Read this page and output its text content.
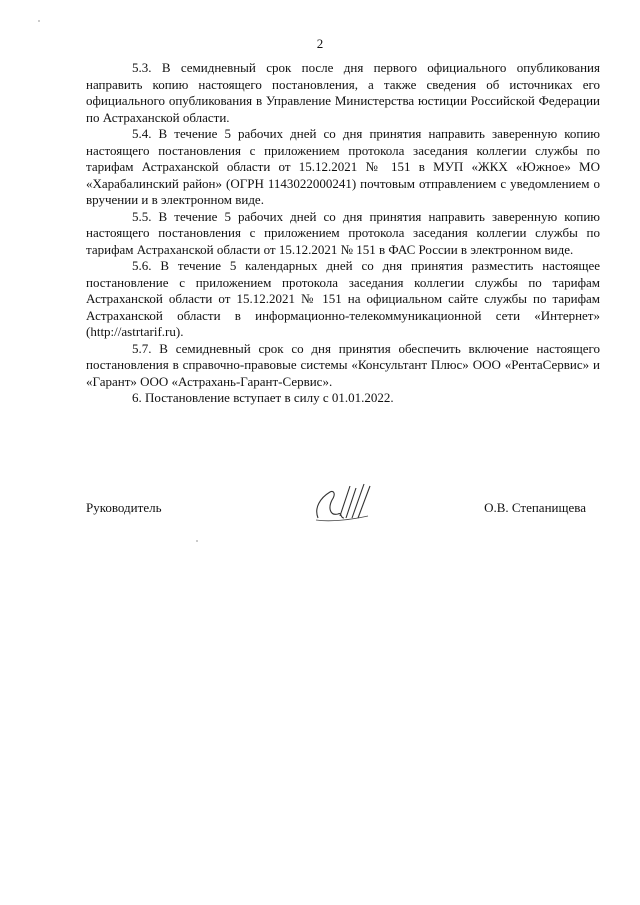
2

5.3. В семидневный срок после дня первого официального опубликования направить копию настоящего постановления, а также сведения об источниках его официального опубликования в Управление Министерства юстиции Российской Федерации по Астраханской области.

5.4. В течение 5 рабочих дней со дня принятия направить заверенную копию настоящего постановления с приложением протокола заседания коллегии службы по тарифам Астраханской области от 15.12.2021 № 151 в МУП «ЖКХ «Южное» МО «Харабалинский район» (ОГРН 1143022000241) почтовым отправлением с уведомлением о вручении и в электронном виде.

5.5. В течение 5 рабочих дней со дня принятия направить заверенную копию настоящего постановления с приложением протокола заседания коллегии службы по тарифам Астраханской области от 15.12.2021 № 151 в ФАС России в электронном виде.

5.6. В течение 5 календарных дней со дня принятия разместить настоящее постановление с приложением протокола заседания коллегии службы по тарифам Астраханской области от 15.12.2021 № 151 на официальном сайте службы по тарифам Астраханской области в информационно-телекоммуникационной сети «Интернет» (http://astrtarif.ru).

5.7. В семидневный срок со дня принятия обеспечить включение настоящего постановления в справочно-правовые системы «Консультант Плюс» ООО «РентаСервис» и «Гарант» ООО «Астрахань-Гарант-Сервис».

6. Постановление вступает в силу с 01.01.2022.

Руководитель	О.В. Степанищева
